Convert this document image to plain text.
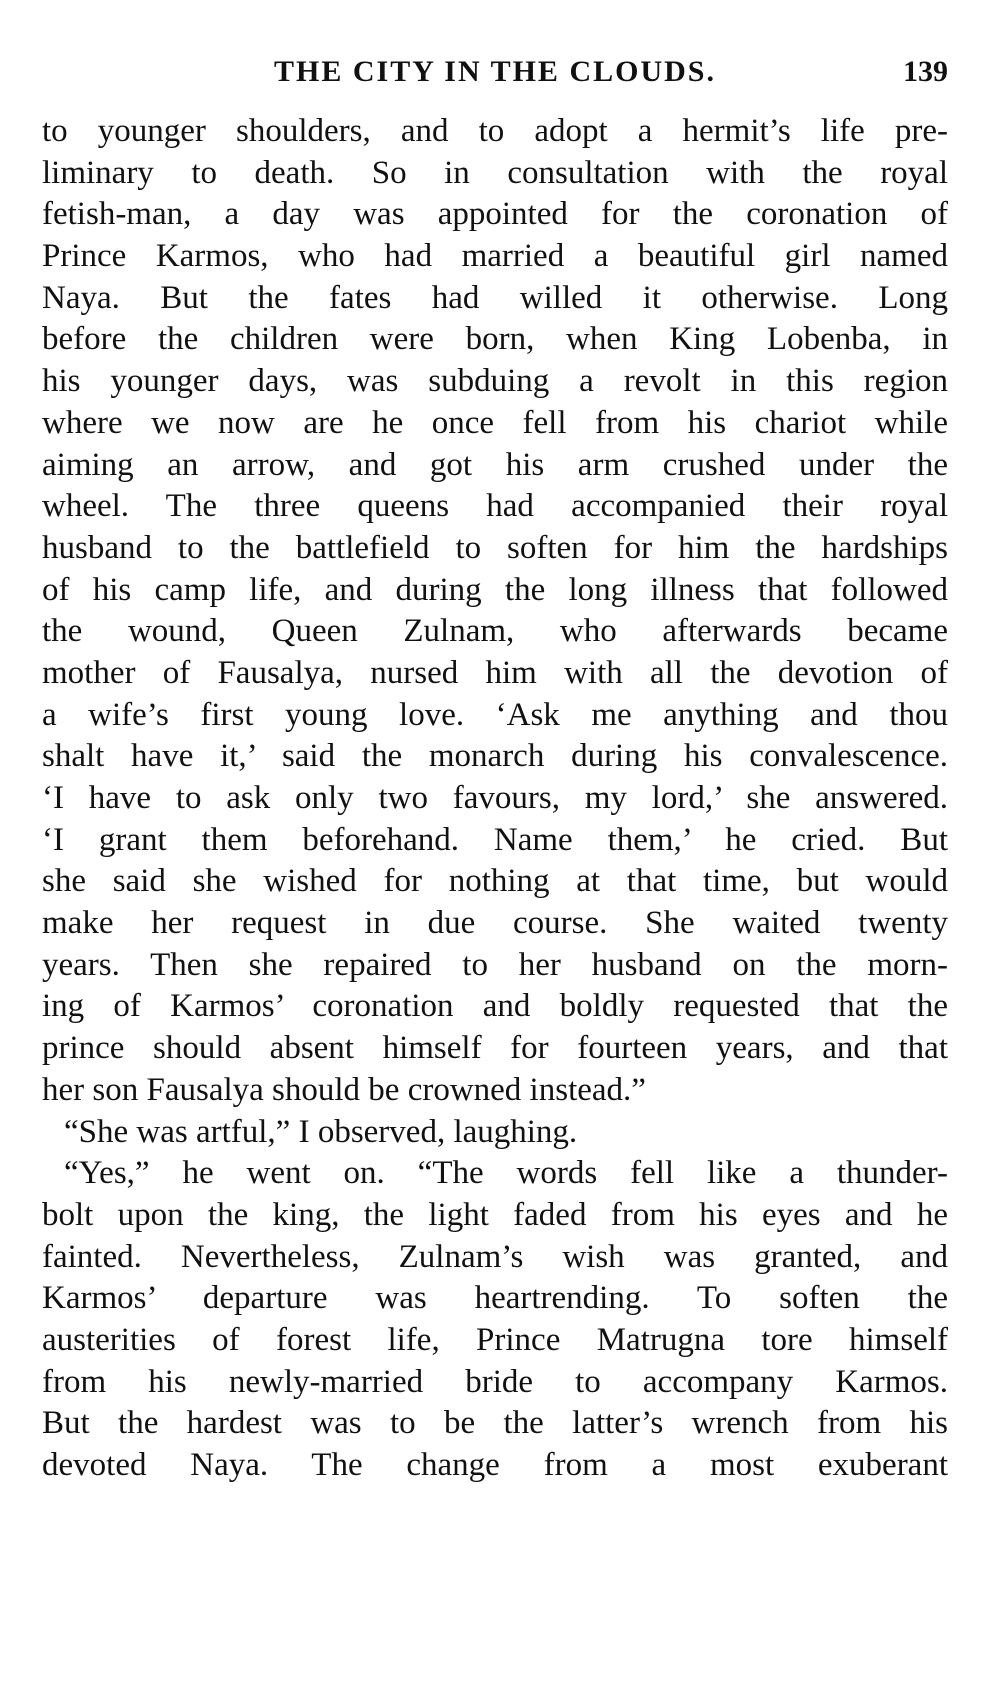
THE CITY IN THE CLOUDS.	139
to younger shoulders, and to adopt a hermit’s life pre-
liminary to death. So in consultation with the royal
fetish-man, a day was appointed for the coronation of
Prince Karmos, who had married a beautiful girl named
Naya. But the fates had willed it otherwise. Long
before the children were born, when King Lobenba, in
his younger days, was subduing a revolt in this region
where we now are he once fell from his chariot while
aiming an arrow, and got his arm crushed under the
wheel. The three queens had accompanied their royal
husband to the battlefield to soften for him the hardships
of his camp life, and during the long illness that followed
the wound, Queen Zulnam, who afterwards became
mother of Fausalya, nursed him with all the devotion of
a wife’s first young love. ‘Ask me anything and thou
shalt have it,’ said the monarch during his convalescence.
‘I have to ask only two favours, my lord,’ she answered.
‘I grant them beforehand. Name them,’ he cried. But
she said she wished for nothing at that time, but would
make her request in due course. She waited twenty
years. Then she repaired to her husband on the morn-
ing of Karmos’ coronation and boldly requested that the
prince should absent himself for fourteen years, and that
her son Fausalya should be crowned instead.”
“She was artful,” I observed, laughing.
“Yes,” he went on. “The words fell like a thunder-
bolt upon the king, the light faded from his eyes and he
fainted. Nevertheless, Zulnam’s wish was granted, and
Karmos’ departure was heartrending. To soften the
austerities of forest life, Prince Matrugna tore himself
from his newly-married bride to accompany Karmos.
But the hardest was to be the latter’s wrench from his
devoted Naya. The change from a most exuberant
